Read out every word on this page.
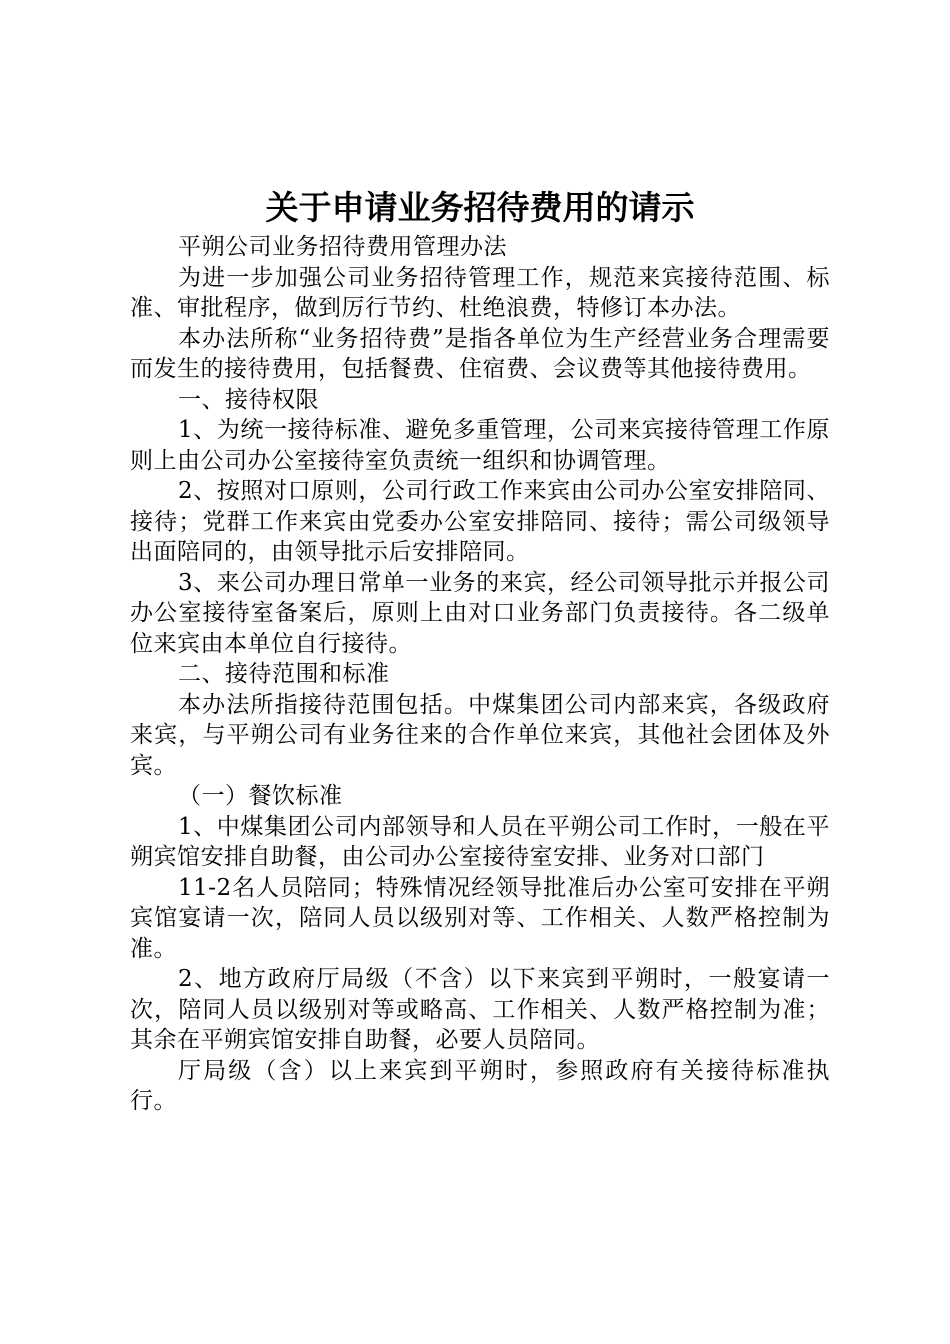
关于申请业务招待费用的请示

平朔公司业务招待费用管理办法

为进一步加强公司业务招待管理工作，规范来宾接待范围、标准、审批程序，做到厉行节约、杜绝浪费，特修订本办法。

本办法所称“业务招待费”是指各单位为生产经营业务合理需要而发生的接待费用，包括餐费、住宿费、会议费等其他接待费用。

一、接待权限

1、为统一接待标准、避免多重管理，公司来宾接待管理工作原则上由公司办公室接待室负责统一组织和协调管理。

2、按照对口原则，公司行政工作来宾由公司办公室安排陪同、接待；党群工作来宾由党委办公室安排陪同、接待；需公司级领导出面陪同的，由领导批示后安排陪同。

3、来公司办理日常单一业务的来宾，经公司领导批示并报公司办公室接待室备案后，原则上由对口业务部门负责接待。各二级单位来宾由本单位自行接待。

二、接待范围和标准

本办法所指接待范围包括。中煤集团公司内部来宾，各级政府来宾，与平朔公司有业务往来的合作单位来宾，其他社会团体及外宾。

（一）餐饮标准

1、中煤集团公司内部领导和人员在平朔公司工作时，一般在平朔宾馆安排自助餐，由公司办公室接待室安排、业务对口部门

11-2名人员陪同；特殊情况经领导批准后办公室可安排在平朔宾馆宴请一次，陪同人员以级别对等、工作相关、人数严格控制为准。

2、地方政府厅局级（不含）以下来宾到平朔时，一般宴请一次，陪同人员以级别对等或略高、工作相关、人数严格控制为准；其余在平朔宾馆安排自助餐，必要人员陪同。

厅局级（含）以上来宾到平朔时，参照政府有关接待标准执行。
